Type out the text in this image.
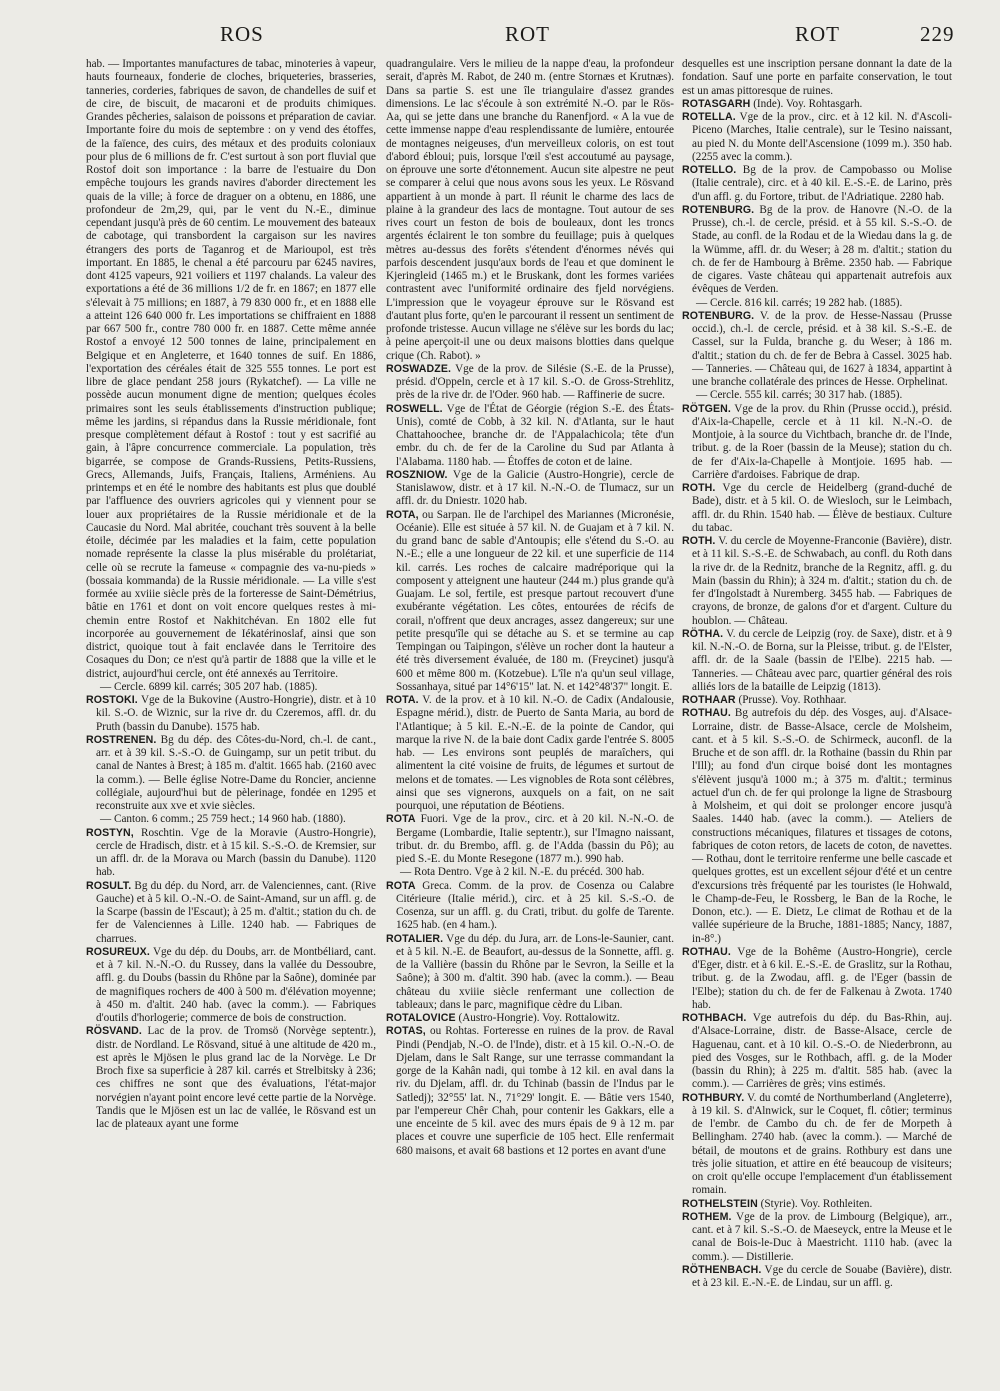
ROS	ROT	ROT	229

hab. — Importantes manufactures de tabac, minoteries à vapeur, hauts fourneaux, fonderie de cloches, briqueteries, brasseries, tanneries, corderies, fabriques de savon, de chandelles de suif et de cire, de biscuit, de macaroni et de produits chimiques. Grandes pêcheries, salaison de poissons et préparation de caviar. Importante foire du mois de septembre : on y vend des étoffes, de la faïence, des cuirs, des métaux et des produits coloniaux pour plus de 6 millions de fr. C'est surtout à son port fluvial que Rostof doit son importance : la barre de l'estuaire du Don empêche toujours les grands navires d'aborder directement les quais de la ville; à force de draguer on a obtenu, en 1886, une profondeur de 2m,29, qui, par le vent du N.-E., diminue cependant jusqu'à près de 60 centim. Le mouvement des bateaux de cabotage, qui transbordent la cargaison sur les navires étrangers des ports de Taganrog et de Marioupol, est très important. En 1885, le chenal a été parcouru par 6245 navires, dont 4125 vapeurs, 921 voiliers et 1197 chalands. La valeur des exportations a été de 36 millions 1/2 de fr. en 1867; en 1877 elle s'élevait à 75 millions; en 1887, à 79 830 000 fr., et en 1888 elle a atteint 126 640 000 fr. Les importations se chiffraient en 1888 par 667 500 fr., contre 780 000 fr. en 1887. Cette même année Rostof a envoyé 12 500 tonnes de laine, principalement en Belgique et en Angleterre, et 1640 tonnes de suif. En 1886, l'exportation des céréales était de 325 555 tonnes. Le port est libre de glace pendant 258 jours (Rykatchef). — La ville ne possède aucun monument digne de mention; quelques écoles primaires sont les seuls établissements d'instruction publique; même les jardins, si répandus dans la Russie méridionale, font presque complètement défaut à Rostof : tout y est sacrifié au gain, à l'âpre concurrence commerciale. La population, très bigarrée, se compose de Grands-Russiens, Petits-Russiens, Grecs, Allemands, Juifs, Français, Italiens, Arméniens. Au printemps et en été le nombre des habitants est plus que doublé par l'affluence des ouvriers agricoles qui y viennent pour se louer aux propriétaires de la Russie méridionale et de la Caucasie du Nord. Mal abritée, couchant très souvent à la belle étoile, décimée par les maladies et la faim, cette population nomade représente la classe la plus misérable du prolétariat, celle où se recrute la fameuse « compagnie des va-nu-pieds » (bossaia kommanda) de la Russie méridionale. — La ville s'est formée au xviiie siècle près de la forteresse de Saint-Démétrius, bâtie en 1761 et dont on voit encore quelques restes à mi-chemin entre Rostof et Nakhitchévan. En 1802 elle fut incorporée au gouvernement de Iékatérinoslaf, ainsi que son district, quoique tout à fait enclavée dans le Territoire des Cosaques du Don; ce n'est qu'à partir de 1888 que la ville et le district, aujourd'hui cercle, ont été annexés au Territoire.

— Cercle. 6899 kil. carrés; 305 207 hab. (1885).

ROSTOKI. Vge de la Bukovine (Austro-Hongrie), distr. et à 10 kil. S.-O. de Wiznic, sur la rive dr. du Czeremos, affl. dr. du Pruth (bassin du Danube). 1575 hab.

ROSTRENEN. Bg du dép. des Côtes-du-Nord, ch.-l. de cant., arr. et à 39 kil. S.-S.-O. de Guingamp, sur un petit tribut. du canal de Nantes à Brest; à 185 m. d'altit. 1665 hab. (2160 avec la comm.). — Belle église Notre-Dame du Roncier, ancienne collégiale, aujourd'hui but de pèlerinage, fondée en 1295 et reconstruite aux xve et xvie siècles.

— Canton. 6 comm.; 25 759 hect.; 14 960 hab. (1880).

ROSTYN, Roschtin. Vge de la Moravie (Austro-Hongrie), cercle de Hradisch, distr. et à 15 kil. S.-S.-O. de Kremsier, sur un affl. dr. de la Morava ou March (bassin du Danube). 1120 hab.

ROSULT. Bg du dép. du Nord, arr. de Valenciennes, cant. (Rive Gauche) et à 5 kil. O.-N.-O. de Saint-Amand, sur un affl. g. de la Scarpe (bassin de l'Escaut); à 25 m. d'altit.; station du ch. de fer de Valenciennes à Lille. 1240 hab. — Fabriques de charrues.

ROSUREUX. Vge du dép. du Doubs, arr. de Montbéliard, cant. et à 7 kil. N.-N.-O. du Russey, dans la vallée du Dessoubre, affl. g. du Doubs (bassin du Rhône par la Saône), dominée par de magnifiques rochers de 400 à 500 m. d'élévation moyenne; à 450 m. d'altit. 240 hab. (avec la comm.). — Fabriques d'outils d'horlogerie; commerce de bois de construction.

RÖSVAND. Lac de la prov. de Tromsö (Norvège septentr.), distr. de Nordland. Le Rösvand, situé à une altitude de 420 m., est après le Mjösen le plus grand lac de la Norvège. Le Dr Broch fixe sa superficie à 287 kil. carrés et Strelbitsky à 236; ces chiffres ne sont que des évaluations, l'état-major norvégien n'ayant point encore levé cette partie de la Norvège. Tandis que le Mjösen est un lac de vallée, le Rösvand est un lac de plateaux ayant une forme

quadrangulaire. Vers le milieu de la nappe d'eau, la profondeur serait, d'après M. Rabot, de 240 m. (entre Stornæs et Krutnæs). Dans sa partie S. est une île triangulaire d'assez grandes dimensions. Le lac s'écoule à son extrémité N.-O. par le Rös-Aa, qui se jette dans une branche du Ranenfjord. « A la vue de cette immense nappe d'eau resplendissante de lumière, entourée de montagnes neigeuses, d'un merveilleux coloris, on est tout d'abord ébloui; puis, lorsque l'œil s'est accoutumé au paysage, on éprouve une sorte d'étonnement. Aucun site alpestre ne peut se comparer à celui que nous avons sous les yeux. Le Rösvand appartient à un monde à part. Il réunit le charme des lacs de plaine à la grandeur des lacs de montagne. Tout autour de ses rives court un feston de bois de bouleaux, dont les troncs argentés éclairent le ton sombre du feuillage; puis à quelques mètres au-dessus des forêts s'étendent d'énormes névés qui parfois descendent jusqu'aux bords de l'eau et que dominent le Kjeringleid (1465 m.) et le Bruskank, dont les formes variées contrastent avec l'uniformité ordinaire des fjeld norvégiens. L'impression que le voyageur éprouve sur le Rösvand est d'autant plus forte, qu'en le parcourant il ressent un sentiment de profonde tristesse. Aucun village ne s'élève sur les bords du lac; à peine aperçoit-il une ou deux maisons blotties dans quelque crique (Ch. Rabot). »

ROSWADZE. Vge de la prov. de Silésie (S.-E. de la Prusse), présid. d'Oppeln, cercle et à 17 kil. S.-O. de Gross-Strehlitz, près de la rive dr. de l'Oder. 960 hab. — Raffinerie de sucre.

ROSWELL. Vge de l'État de Géorgie (région S.-E. des États-Unis), comté de Cobb, à 32 kil. N. d'Atlanta, sur le haut Chattahoochee, branche dr. de l'Appalachicola; tête d'un embr. du ch. de fer de la Caroline du Sud par Atlanta à l'Alabama. 1180 hab. — Étoffes de coton et de laine.

ROSZNIOW. Vge de la Galicie (Austro-Hongrie), cercle de Stanislawow, distr. et à 17 kil. N.-N.-O. de Tlumacz, sur un affl. dr. du Dniestr. 1020 hab.

ROTA, ou Sarpan. Ile de l'archipel des Mariannes (Micronésie, Océanie). Elle est située à 57 kil. N. de Guajam et à 7 kil. N. du grand banc de sable d'Antoupis; elle s'étend du S.-O. au N.-E.; elle a une longueur de 22 kil. et une superficie de 114 kil. carrés. Les roches de calcaire madréporique qui la composent y atteignent une hauteur (244 m.) plus grande qu'à Guajam. Le sol, fertile, est presque partout recouvert d'une exubérante végétation. Les côtes, entourées de récifs de corail, n'offrent que deux ancrages, assez dangereux; sur une petite presqu'île qui se détache au S. et se termine au cap Tempingan ou Taipingon, s'élève un rocher dont la hauteur a été très diversement évaluée, de 180 m. (Freycinet) jusqu'à 600 et même 800 m. (Kotzebue). L'île n'a qu'un seul village, Sossanhaya, situé par 14°6'15" lat. N. et 142°48'37" longit. E.

ROTA. V. de la prov. et à 10 kil. N.-O. de Cadix (Andalousie, Espagne mérid.), distr. de Puerto de Santa Maria, au bord de l'Atlantique; à 5 kil. E.-N.-E. de la pointe de Candor, qui marque la rive N. de la baie dont Cadix garde l'entrée S. 8005 hab. — Les environs sont peuplés de maraîchers, qui alimentent la cité voisine de fruits, de légumes et surtout de melons et de tomates. — Les vignobles de Rota sont célèbres, ainsi que ses vignerons, auxquels on a fait, on ne sait pourquoi, une réputation de Béotiens.

ROTA Fuori. Vge de la prov., circ. et à 20 kil. N.-N.-O. de Bergame (Lombardie, Italie septentr.), sur l'Imagno naissant, tribut. dr. du Brembo, affl. g. de l'Adda (bassin du Pô); au pied S.-E. du Monte Resegone (1877 m.). 990 hab.

— Rota Dentro. Vge à 2 kil. N.-E. du précéd. 300 hab.

ROTA Greca. Comm. de la prov. de Cosenza ou Calabre Citérieure (Italie mérid.), circ. et à 25 kil. S.-S.-O. de Cosenza, sur un affl. g. du Crati, tribut. du golfe de Tarente. 1625 hab. (en 4 ham.).

ROTALIER. Vge du dép. du Jura, arr. de Lons-le-Saunier, cant. et à 5 kil. N.-E. de Beaufort, au-dessus de la Sonnette, affl. g. de la Vallière (bassin du Rhône par le Sevron, la Seille et la Saône); à 300 m. d'altit. 390 hab. (avec la comm.). — Beau château du xviiie siècle renfermant une collection de tableaux; dans le parc, magnifique cèdre du Liban.

ROTALOVICE (Austro-Hongrie). Voy. Rottalowitz.

ROTAS, ou Rohtas. Forteresse en ruines de la prov. de Raval Pindi (Pendjab, N.-O. de l'Inde), distr. et à 15 kil. O.-N.-O. de Djelam, dans le Salt Range, sur une terrasse commandant la gorge de la Kahân nadi, qui tombe à 12 kil. en aval dans la riv. du Djelam, affl. dr. du Tchinab (bassin de l'Indus par le Satledj); 32°55' lat. N., 71°29' longit. E. — Bâtie vers 1540, par l'empereur Chêr Chah, pour contenir les Gakkars, elle a une enceinte de 5 kil. avec des murs épais de 9 à 12 m. par places et couvre une superficie de 105 hect. Elle renfermait 680 maisons, et avait 68 bastions et 12 portes en avant d'une

desquelles est une inscription persane donnant la date de la fondation. Sauf une porte en parfaite conservation, le tout est un amas pittoresque de ruines.

ROTASGARH (Inde). Voy. Rohtasgarh.

ROTELLA. Vge de la prov., circ. et à 12 kil. N. d'Ascoli-Piceno (Marches, Italie centrale), sur le Tesino naissant, au pied N. du Monte dell'Ascensione (1099 m.). 350 hab. (2255 avec la comm.).

ROTELLO. Bg de la prov. de Campobasso ou Molise (Italie centrale), circ. et à 40 kil. E.-S.-E. de Larino, près d'un affl. g. du Fortore, tribut. de l'Adriatique. 2280 hab.

ROTENBURG. Bg de la prov. de Hanovre (N.-O. de la Prusse), ch.-l. de cercle, présid. et à 55 kil. S.-S.-O. de Stade, au confl. de la Rodau et de la Wiedau dans la g. de la Wümme, affl. dr. du Weser; à 28 m. d'altit.; station du ch. de fer de Hambourg à Brême. 2350 hab. — Fabrique de cigares. Vaste château qui appartenait autrefois aux évêques de Verden.

— Cercle. 816 kil. carrés; 19 282 hab. (1885).

ROTENBURG. V. de la prov. de Hesse-Nassau (Prusse occid.), ch.-l. de cercle, présid. et à 38 kil. S.-S.-E. de Cassel, sur la Fulda, branche g. du Weser; à 186 m. d'altit.; station du ch. de fer de Bebra à Cassel. 3025 hab. — Tanneries. — Château qui, de 1627 à 1834, appartint à une branche collatérale des princes de Hesse. Orphelinat.

— Cercle. 555 kil. carrés; 30 317 hab. (1885).

RÖTGEN. Vge de la prov. du Rhin (Prusse occid.), présid. d'Aix-la-Chapelle, cercle et à 11 kil. N.-N.-O. de Montjoie, à la source du Vichtbach, branche dr. de l'Inde, tribut. g. de la Roer (bassin de la Meuse); station du ch. de fer d'Aix-la-Chapelle à Montjoie. 1695 hab. — Carrière d'ardoises. Fabrique de drap.

ROTH. Vge du cercle de Heidelberg (grand-duché de Bade), distr. et à 5 kil. O. de Wiesloch, sur le Leimbach, affl. dr. du Rhin. 1540 hab. — Élève de bestiaux. Culture du tabac.

ROTH. V. du cercle de Moyenne-Franconie (Bavière), distr. et à 11 kil. S.-S.-E. de Schwabach, au confl. du Roth dans la rive dr. de la Rednitz, branche de la Regnitz, affl. g. du Main (bassin du Rhin); à 324 m. d'altit.; station du ch. de fer d'Ingolstadt à Nuremberg. 3455 hab. — Fabriques de crayons, de bronze, de galons d'or et d'argent. Culture du houblon. — Château.

RÖTHA. V. du cercle de Leipzig (roy. de Saxe), distr. et à 9 kil. N.-N.-O. de Borna, sur la Pleisse, tribut. g. de l'Elster, affl. dr. de la Saale (bassin de l'Elbe). 2215 hab. — Tanneries. — Château avec parc, quartier général des rois alliés lors de la bataille de Leipzig (1813).

ROTHAAR (Prusse). Voy. Rothhaar.

ROTHAU. Bg autrefois du dép. des Vosges, auj. d'Alsace-Lorraine, distr. de Basse-Alsace, cercle de Molsheim, cant. et à 5 kil. S.-S.-O. de Schirmeck, auconfl. de la Bruche et de son affl. dr. la Rothaine (bassin du Rhin par l'Ill); au fond d'un cirque boisé dont les montagnes s'élèvent jusqu'à 1000 m.; à 375 m. d'altit.; terminus actuel d'un ch. de fer qui prolonge la ligne de Strasbourg à Molsheim, et qui doit se prolonger encore jusqu'à Saales. 1440 hab. (avec la comm.). — Ateliers de constructions mécaniques, filatures et tissages de cotons, fabriques de coton retors, de lacets de coton, de navettes. — Rothau, dont le territoire renferme une belle cascade et quelques grottes, est un excellent séjour d'été et un centre d'excursions très fréquenté par les touristes (le Hohwald, le Champ-de-Feu, le Rossberg, le Ban de la Roche, le Donon, etc.). — E. Dietz, Le climat de Rothau et de la vallée supérieure de la Bruche, 1881-1885; Nancy, 1887, in-8°.)

ROTHAU. Vge de la Bohême (Austro-Hongrie), cercle d'Eger, distr. et à 6 kil. E.-S.-E. de Graslitz, sur la Rothau, tribut. g. de la Zwodau, affl. g. de l'Eger (bassin de l'Elbe); station du ch. de fer de Falkenau à Zwota. 1740 hab.

ROTHBACH. Vge autrefois du dép. du Bas-Rhin, auj. d'Alsace-Lorraine, distr. de Basse-Alsace, cercle de Haguenau, cant. et à 10 kil. O.-S.-O. de Niederbronn, au pied des Vosges, sur le Rothbach, affl. g. de la Moder (bassin du Rhin); à 225 m. d'altit. 585 hab. (avec la comm.). — Carrières de grès; vins estimés.

ROTHBURY. V. du comté de Northumberland (Angleterre), à 19 kil. S. d'Alnwick, sur le Coquet, fl. côtier; terminus de l'embr. de Cambo du ch. de fer de Morpeth à Bellingham. 2740 hab. (avec la comm.). — Marché de bétail, de moutons et de grains. Rothbury est dans une très jolie situation, et attire en été beaucoup de visiteurs; on croit qu'elle occupe l'emplacement d'un établissement romain.

ROTHELSTEIN (Styrie). Voy. Rothleiten.

ROTHEM. Vge de la prov. de Limbourg (Belgique), arr., cant. et à 7 kil. S.-S.-O. de Maeseyck, entre la Meuse et le canal de Bois-le-Duc à Maestricht. 1110 hab. (avec la comm.). — Distillerie.

RÖTHENBACH. Vge du cercle de Souabe (Bavière), distr. et à 23 kil. E.-N.-E. de Lindau, sur un affl. g.
